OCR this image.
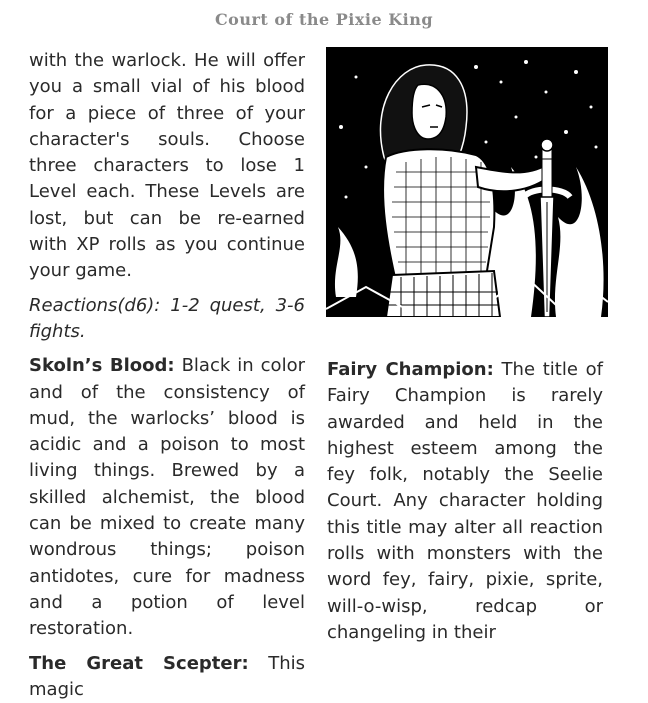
Court of the Pixie King

with the warlock. He will offer you a small vial of his blood for a piece of three of your character's souls. Choose three characters to lose 1 Level each. These Levels are lost, but can be re-earned with XP rolls as you continue your game.

Reactions(d6): 1-2 quest, 3-6 fights.

Skoln’s Blood: Black in color and of the consistency of mud, the warlocks’ blood is acidic and a poison to most living things. Brewed by a skilled alchemist, the blood can be mixed to create many wondrous things; poison antidotes, cure for madness and a potion of level restoration.

The Great Scepter: This magic

Fairy Champion: The title of Fairy Champion is rarely awarded and held in the highest esteem among the fey folk, notably the Seelie Court. Any character holding this title may alter all reaction rolls with monsters with the word fey, fairy, pixie, sprite, will-o-wisp, redcap or changeling in their
